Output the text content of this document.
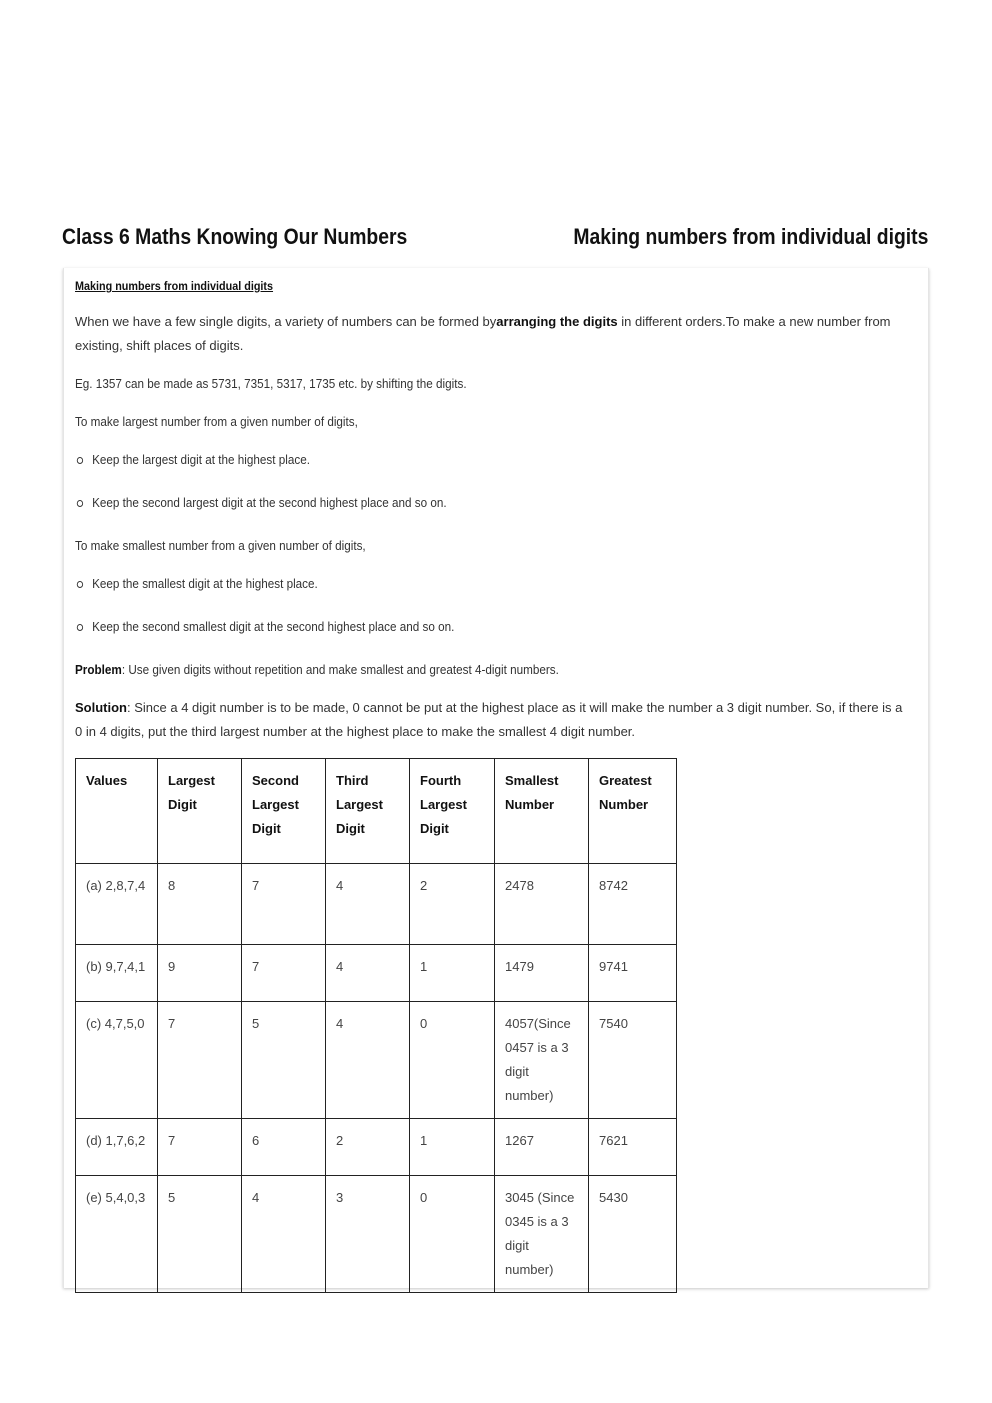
Class 6 Maths Knowing Our Numbers	Making numbers from individual digits

Making numbers from individual digits

When we have a few single digits, a variety of numbers can be formed byarranging the digits in different orders.To make a new number from existing, shift places of digits.

Eg. 1357 can be made as 5731, 7351, 5317, 1735 etc. by shifting the digits.

To make largest number from a given number of digits,

Keep the largest digit at the highest place.

Keep the second largest digit at the second highest place and so on.

To make smallest number from a given number of digits,

Keep the smallest digit at the highest place.

Keep the second smallest digit at the second highest place and so on.

Problem: Use given digits without repetition and make smallest and greatest 4-digit numbers.

Solution: Since a 4 digit number is to be made, 0 cannot be put at the highest place as it will make the number a 3 digit number. So, if there is a 0 in 4 digits, put the third largest number at the highest place to make the smallest 4 digit number.

Values	Largest Digit	Second Largest Digit	Third Largest Digit	Fourth Largest Digit	Smallest Number	Greatest Number
(a) 2,8,7,4	8	7	4	2	2478	8742
(b) 9,7,4,1	9	7	4	1	1479	9741
(c) 4,7,5,0	7	5	4	0	4057(Since 0457 is a 3 digit number)	7540
(d) 1,7,6,2	7	6	2	1	1267	7621
(e) 5,4,0,3	5	4	3	0	3045 (Since 0345 is a 3 digit number)	5430
